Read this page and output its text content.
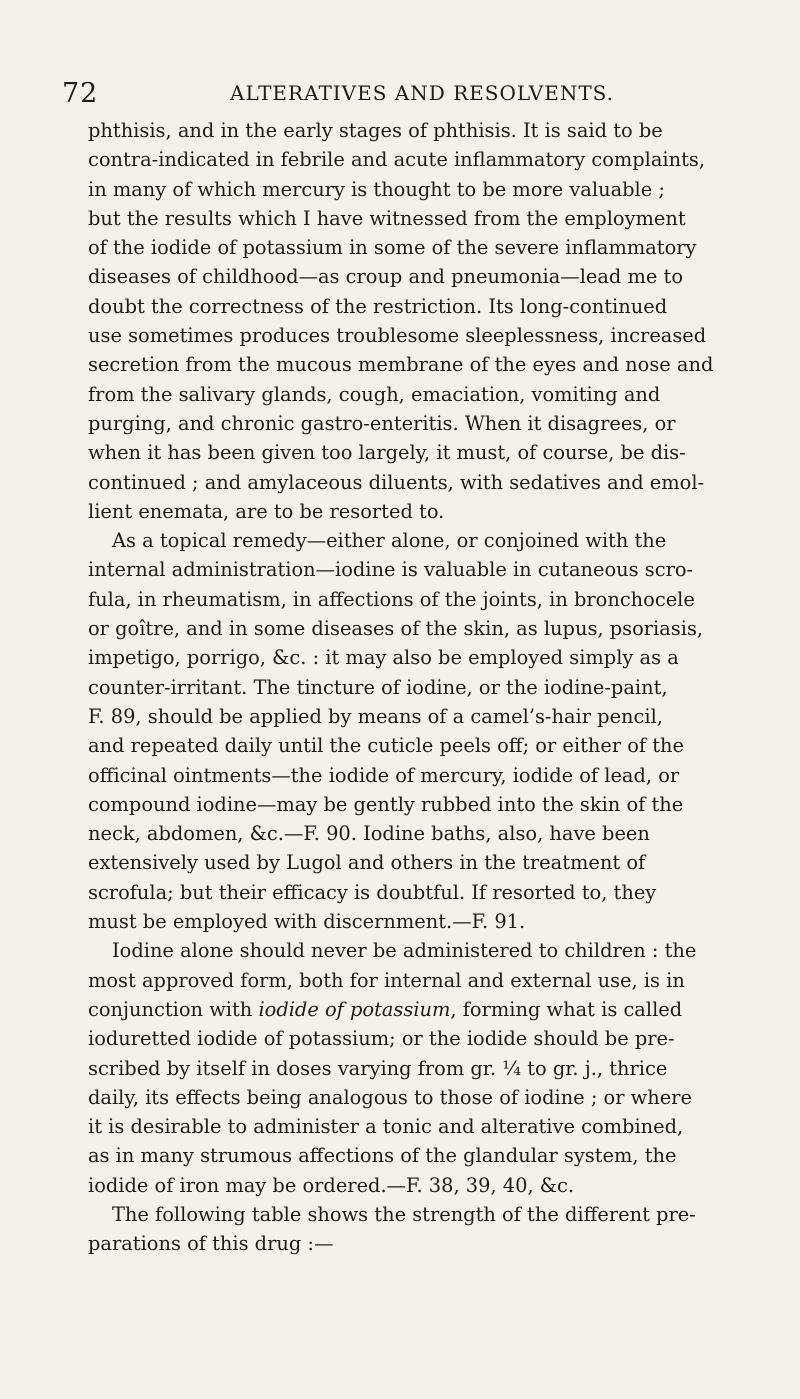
72	ALTERATIVES AND RESOLVENTS.
phthisis, and in the early stages of phthisis. It is said to be
contra-indicated in febrile and acute inflammatory complaints,
in many of which mercury is thought to be more valuable ;
but the results which I have witnessed from the employment
of the iodide of potassium in some of the severe inflammatory
diseases of childhood—as croup and pneumonia—lead me to
doubt the correctness of the restriction. Its long-continued
use sometimes produces troublesome sleeplessness, increased
secretion from the mucous membrane of the eyes and nose and
from the salivary glands, cough, emaciation, vomiting and
purging, and chronic gastro-enteritis. When it disagrees, or
when it has been given too largely, it must, of course, be dis-
continued ; and amylaceous diluents, with sedatives and emol-
lient enemata, are to be resorted to.
As a topical remedy—either alone, or conjoined with the
internal administration—iodine is valuable in cutaneous scro-
fula, in rheumatism, in affections of the joints, in bronchocele
or goître, and in some diseases of the skin, as lupus, psoriasis,
impetigo, porrigo, &c. : it may also be employed simply as a
counter-irritant. The tincture of iodine, or the iodine-paint,
F. 89, should be applied by means of a camel’s-hair pencil,
and repeated daily until the cuticle peels off; or either of the
officinal ointments—the iodide of mercury, iodide of lead, or
compound iodine—may be gently rubbed into the skin of the
neck, abdomen, &c.—F. 90. Iodine baths, also, have been
extensively used by Lugol and others in the treatment of
scrofula; but their efficacy is doubtful. If resorted to, they
must be employed with discernment.—F. 91.
Iodine alone should never be administered to children : the
most approved form, both for internal and external use, is in
conjunction with iodide of potassium, forming what is called
ioduretted iodide of potassium; or the iodide should be pre-
scribed by itself in doses varying from gr. ¼ to gr. j., thrice
daily, its effects being analogous to those of iodine ; or where
it is desirable to administer a tonic and alterative combined,
as in many strumous affections of the glandular system, the
iodide of iron may be ordered.—F. 38, 39, 40, &c.
The following table shows the strength of the different pre-
parations of this drug :—
